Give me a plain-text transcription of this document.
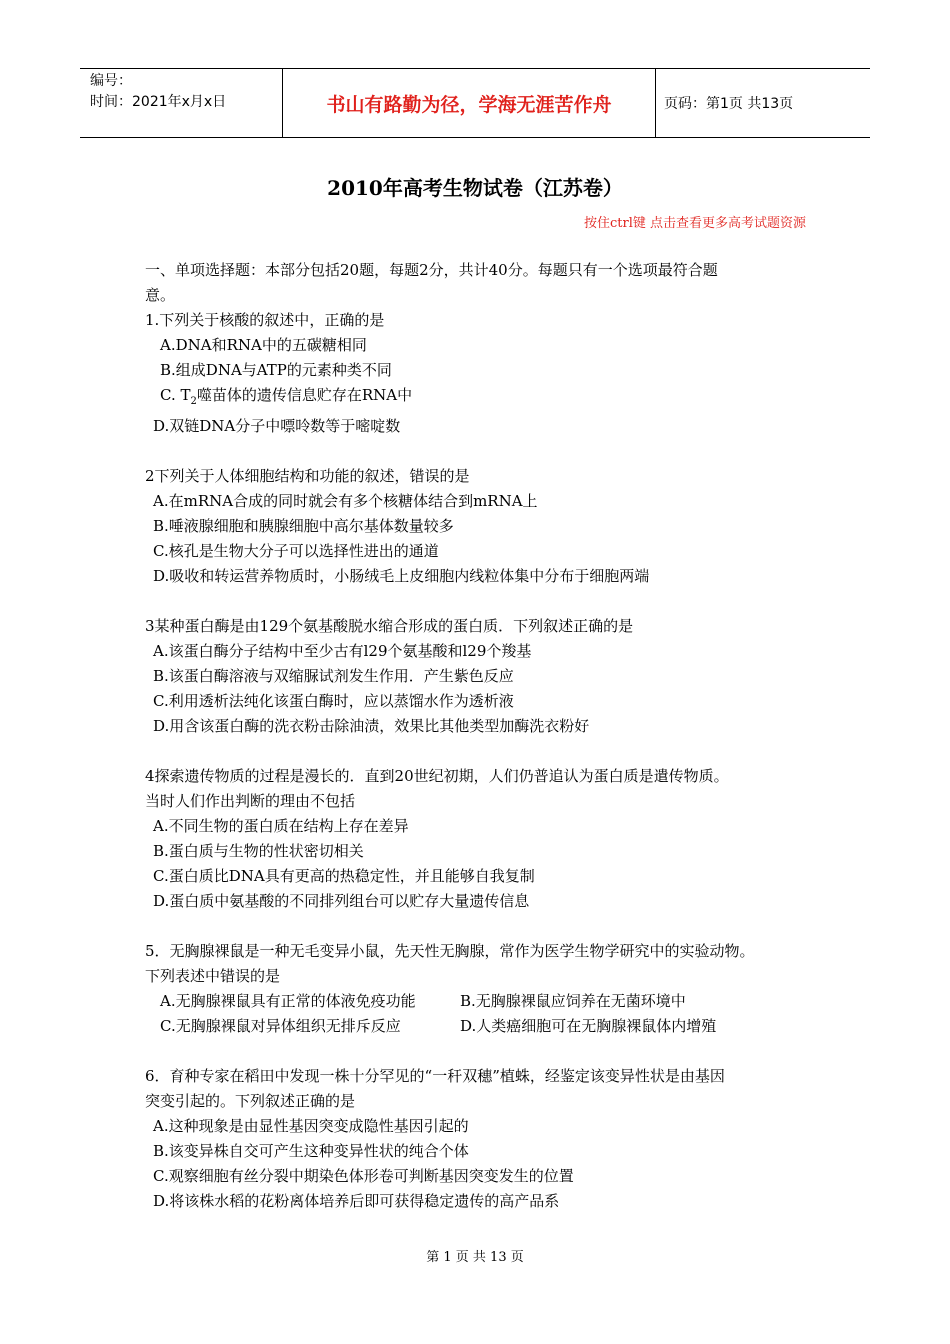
编号：
时间：2021年x月x日	书山有路勤为径，学海无涯苦作舟	页码：第1页 共13页
2010年高考生物试卷（江苏卷）
按住ctrl键 点击查看更多高考试题资源

一、单项选择题：本部分包括20题，每题2分，共计40分。每题只有一个选项最符合题

意。

1.下列关于核酸的叙述中，正确的是

A.DNA和RNA中的五碳糖相同

B.组成DNA与ATP的元素种类不同

C. $T_2$噬苗体的遗传信息贮存在RNA中

D.双链DNA分子中嘌呤数等于嘧啶数

2下列关于人体细胞结构和功能的叙述，错误的是

A.在mRNA合成的同时就会有多个核糖体结合到mRNA上

B.唾液腺细胞和胰腺细胞中高尔基体数量较多

C.核孔是生物大分子可以选择性进出的通道

D.吸收和转运营养物质时，小肠绒毛上皮细胞内线粒体集中分布于细胞两端

3某种蛋白酶是由129个氨基酸脱水缩合形成的蛋白质．下列叙述正确的是

A.该蛋白酶分子结构中至少古有l29个氨基酸和l29个羧基

B.该蛋白酶溶液与双缩脲试剂发生作用．产生紫色反应

C.利用透析法纯化该蛋白酶时，应以蒸馏水作为透析液

D.用含该蛋白酶的洗衣粉击除油渍，效果比其他类型加酶洗衣粉好

4探索遗传物质的过程是漫长的．直到20世纪初期，人们仍普追认为蛋白质是遣传物质。

当时人们作出判断的理由不包括

A.不同生物的蛋白质在结构上存在差异

B.蛋白质与生物的性状密切相关

C.蛋白质比DNA具有更高的热稳定性，并且能够自我复制

D.蛋白质中氨基酸的不同排列组台可以贮存大量遗传信息

5．无胸腺裸鼠是一种无毛变异小鼠，先天性无胸腺，常作为医学生物学研究中的实验动物。

下列表述中错误的是

A.无胸腺裸鼠具有正常的体液免疫功能	B.无胸腺裸鼠应饲养在无菌环境中

C.无胸腺裸鼠对异体组织无排斥反应	D.人类癌细胞可在无胸腺裸鼠体内增殖

6．育种专家在稻田中发现一株十分罕见的“一秆双穗”植蛛，经鉴定该变异性状是由基因

突变引起的。下列叙述正确的是

A.这种现象是由显性基因突变成隐性基因引起的

B.该变异株自交可产生这种变异性状的纯合个体

C.观察细胞有丝分裂中期染色体形卷可判断基因突变发生的位置

D.将该株水稻的花粉离体培养后即可获得稳定遗传的高产品系

第 1 页 共 13 页
